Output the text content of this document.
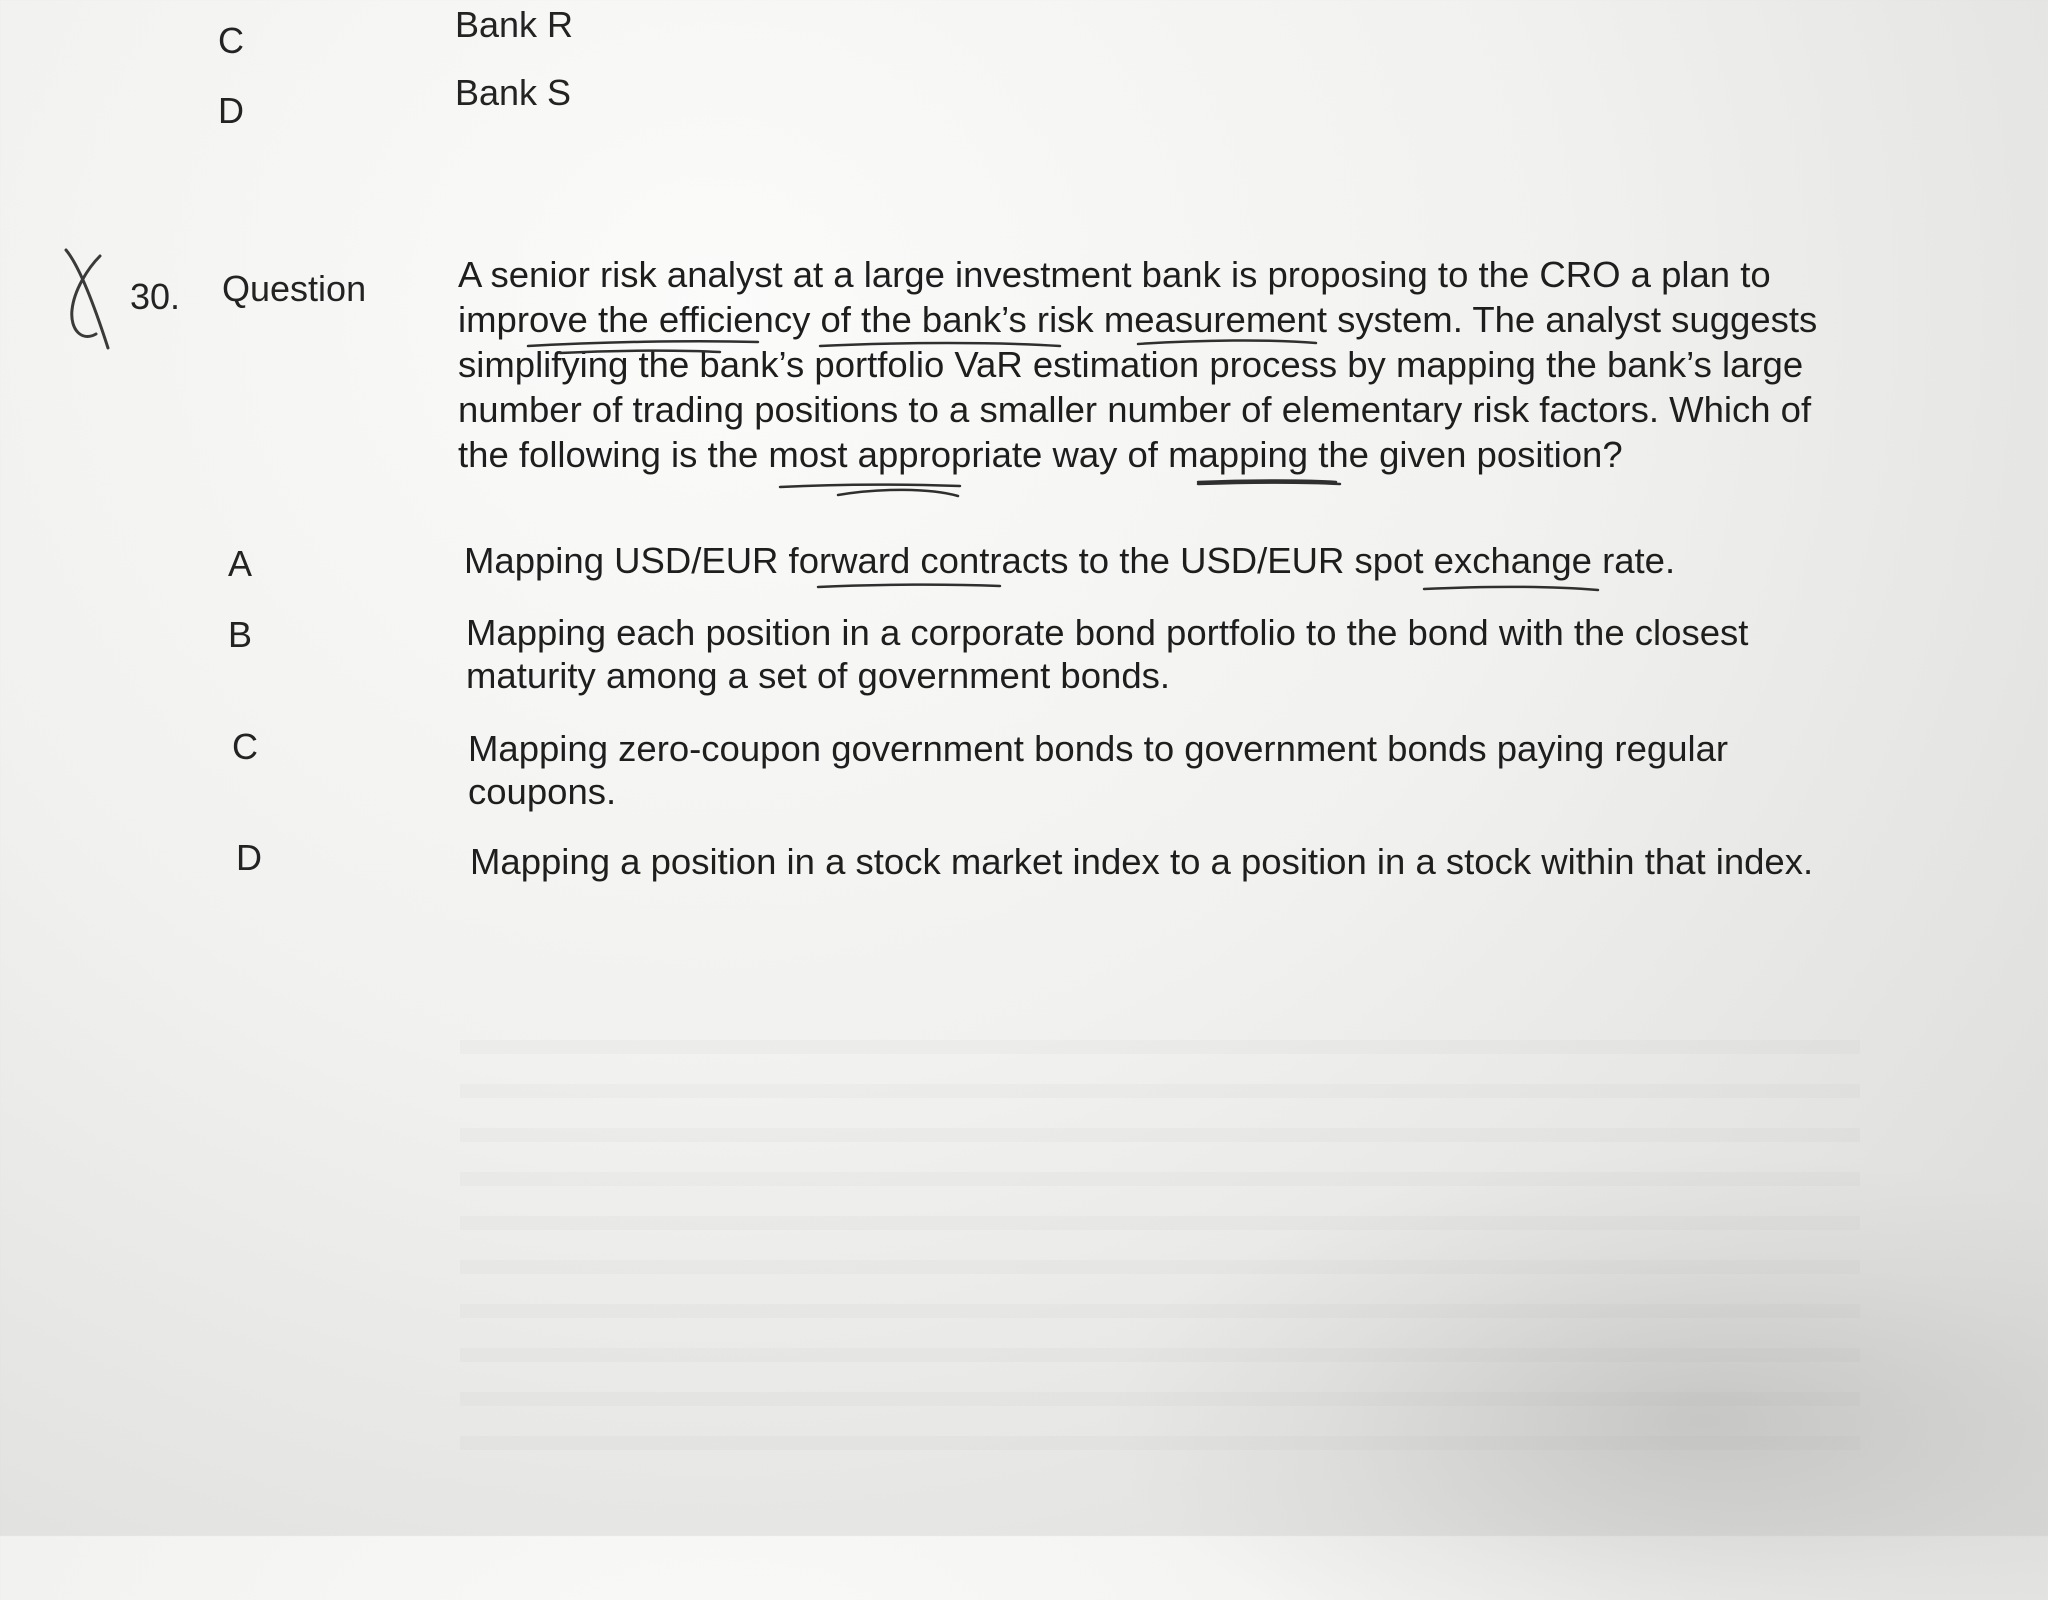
C	Bank R
D	Bank S
30. Question	A senior risk analyst at a large investment bank is proposing to the CRO a plan to
improve the efficiency of the bank’s risk measurement system. The analyst suggests
simplifying the bank’s portfolio VaR estimation process by mapping the bank’s large
number of trading positions to a smaller number of elementary risk factors. Which of
the following is the most appropriate way of mapping the given position?
A	Mapping USD/EUR forward contracts to the USD/EUR spot exchange rate.
B	Mapping each position in a corporate bond portfolio to the bond with the closest
maturity among a set of government bonds.
C	Mapping zero-coupon government bonds to government bonds paying regular
coupons.
D	Mapping a position in a stock market index to a position in a stock within that index.
